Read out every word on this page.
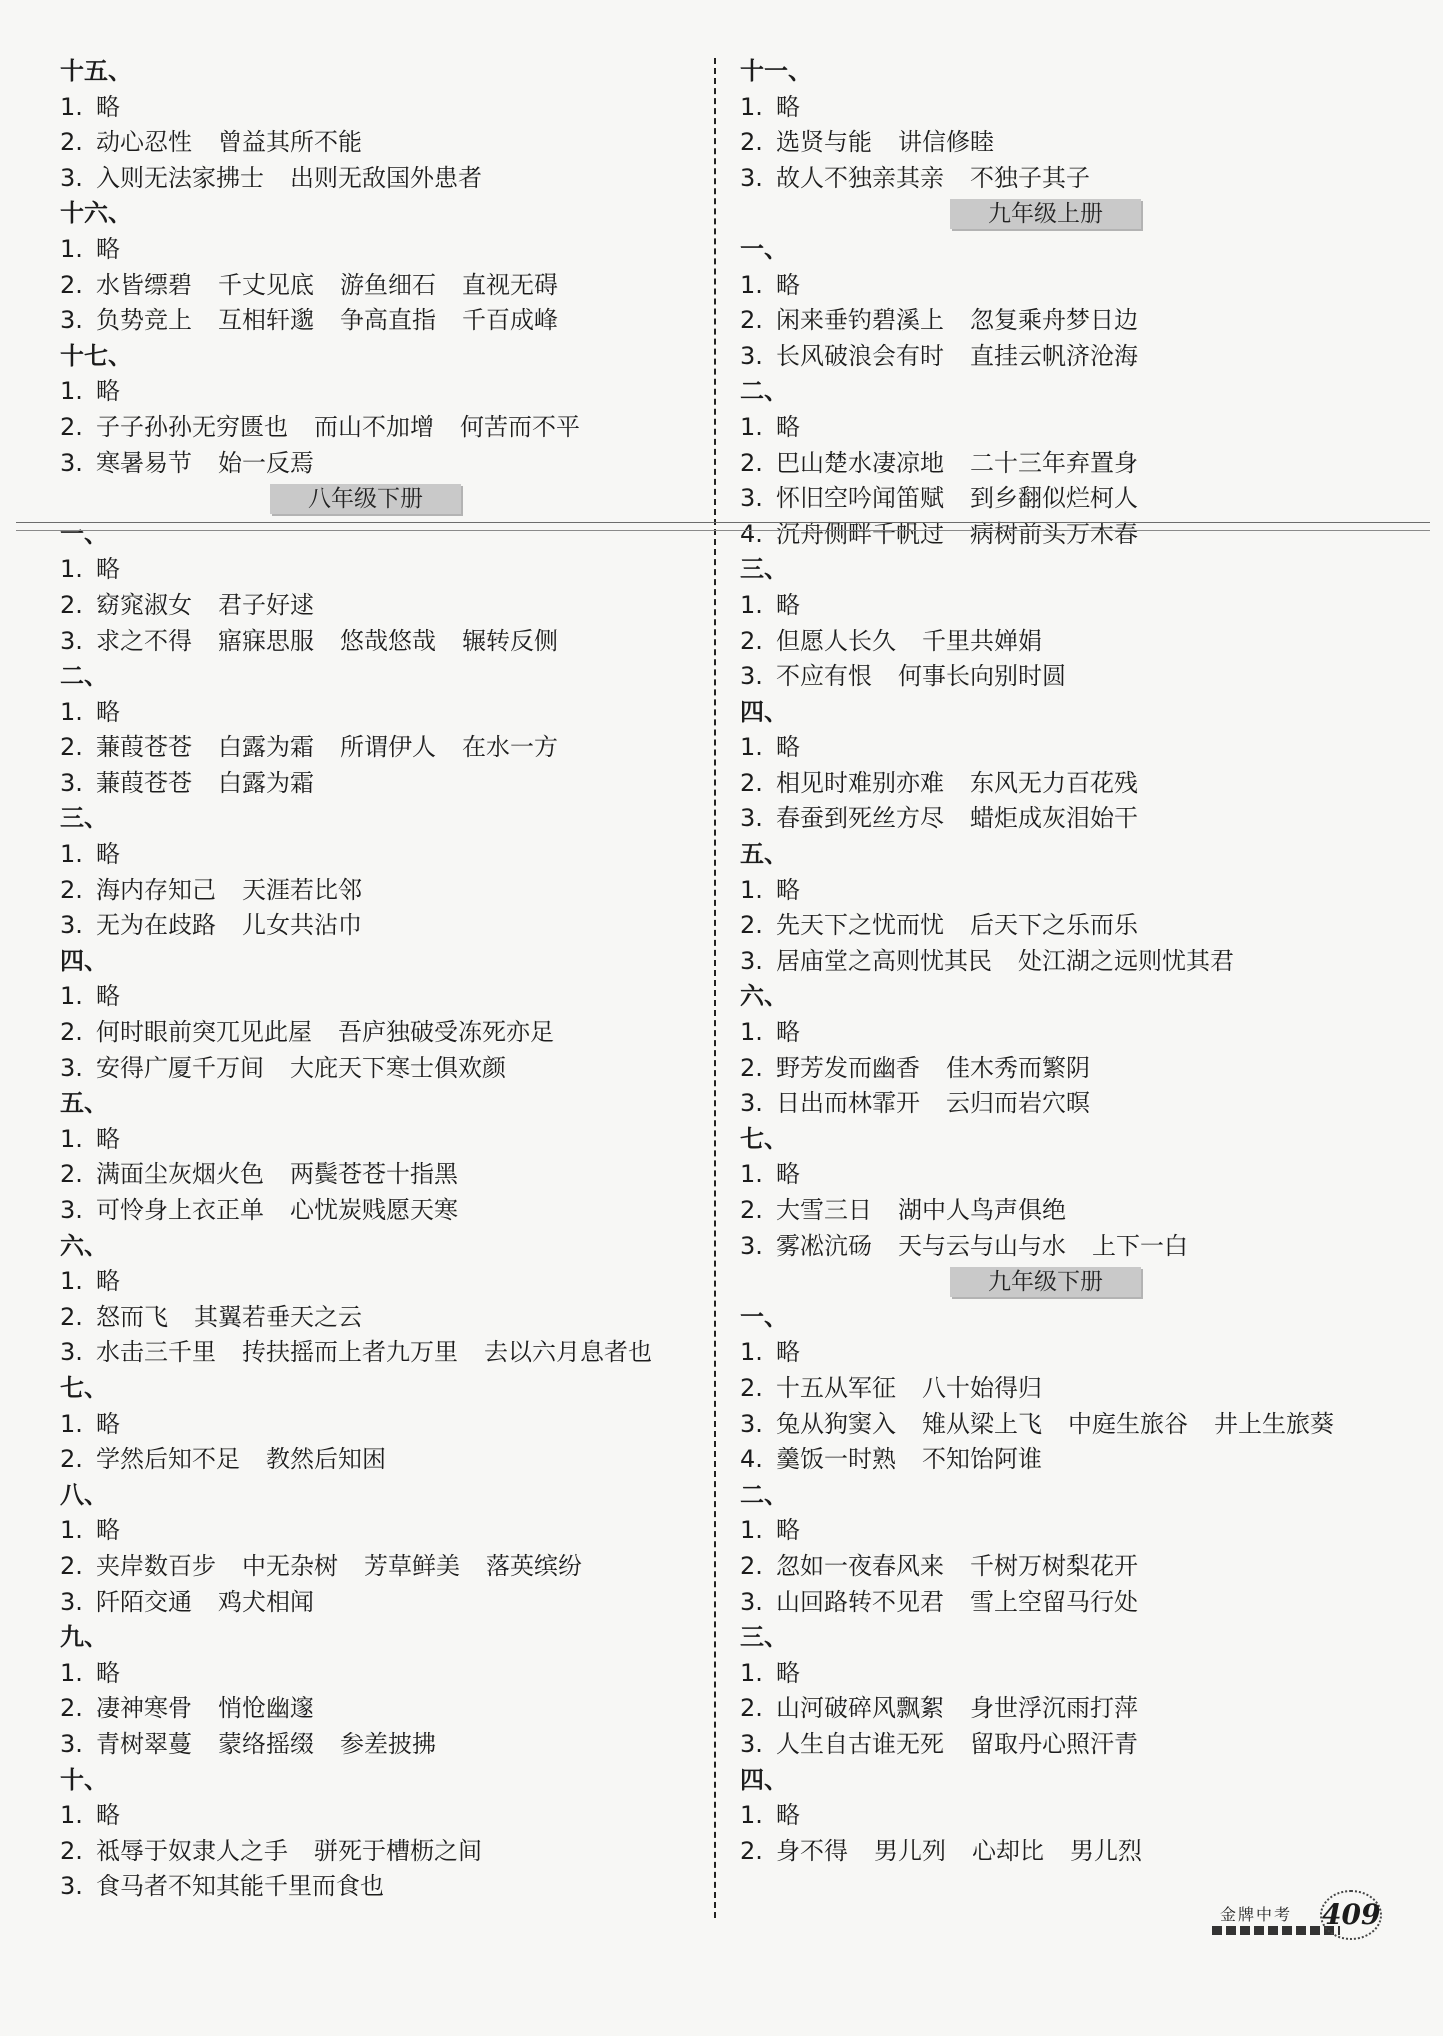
十五、
1. 略
2. 动心忍性 曾益其所不能
3. 入则无法家拂士 出则无敌国外患者
十六、
1. 略
2. 水皆缥碧 千丈见底 游鱼细石 直视无碍
3. 负势竞上 互相轩邈 争高直指 千百成峰
十七、
1. 略
2. 子子孙孙无穷匮也 而山不加增 何苦而不平
3. 寒暑易节 始一反焉
八年级下册
一、
1. 略
2. 窈窕淑女 君子好逑
3. 求之不得 寤寐思服 悠哉悠哉 辗转反侧
二、
1. 略
2. 蒹葭苍苍 白露为霜 所谓伊人 在水一方
3. 蒹葭苍苍 白露为霜
三、
1. 略
2. 海内存知己 天涯若比邻
3. 无为在歧路 儿女共沾巾
四、
1. 略
2. 何时眼前突兀见此屋 吾庐独破受冻死亦足
3. 安得广厦千万间 大庇天下寒士俱欢颜
五、
1. 略
2. 满面尘灰烟火色 两鬓苍苍十指黑
3. 可怜身上衣正单 心忧炭贱愿天寒
六、
1. 略
2. 怒而飞 其翼若垂天之云
3. 水击三千里 抟扶摇而上者九万里 去以六月息者也
七、
1. 略
2. 学然后知不足 教然后知困
八、
1. 略
2. 夹岸数百步 中无杂树 芳草鲜美 落英缤纷
3. 阡陌交通 鸡犬相闻
九、
1. 略
2. 凄神寒骨 悄怆幽邃
3. 青树翠蔓 蒙络摇缀 参差披拂
十、
1. 略
2. 祗辱于奴隶人之手 骈死于槽枥之间
3. 食马者不知其能千里而食也
十一、
1. 略
2. 选贤与能 讲信修睦
3. 故人不独亲其亲 不独子其子
九年级上册
一、
1. 略
2. 闲来垂钓碧溪上 忽复乘舟梦日边
3. 长风破浪会有时 直挂云帆济沧海
二、
1. 略
2. 巴山楚水凄凉地 二十三年弃置身
3. 怀旧空吟闻笛赋 到乡翻似烂柯人
4. 沉舟侧畔千帆过 病树前头万木春
三、
1. 略
2. 但愿人长久 千里共婵娟
3. 不应有恨 何事长向别时圆
四、
1. 略
2. 相见时难别亦难 东风无力百花残
3. 春蚕到死丝方尽 蜡炬成灰泪始干
五、
1. 略
2. 先天下之忧而忧 后天下之乐而乐
3. 居庙堂之高则忧其民 处江湖之远则忧其君
六、
1. 略
2. 野芳发而幽香 佳木秀而繁阴
3. 日出而林霏开 云归而岩穴暝
七、
1. 略
2. 大雪三日 湖中人鸟声俱绝
3. 雾凇沆砀 天与云与山与水 上下一白
九年级下册
一、
1. 略
2. 十五从军征 八十始得归
3. 兔从狗窦入 雉从梁上飞 中庭生旅谷 井上生旅葵
4. 羹饭一时熟 不知饴阿谁
二、
1. 略
2. 忽如一夜春风来 千树万树梨花开
3. 山回路转不见君 雪上空留马行处
三、
1. 略
2. 山河破碎风飘絮 身世浮沉雨打萍
3. 人生自古谁无死 留取丹心照汗青
四、
1. 略
2. 身不得 男儿列 心却比 男儿烈
金牌中考 409
